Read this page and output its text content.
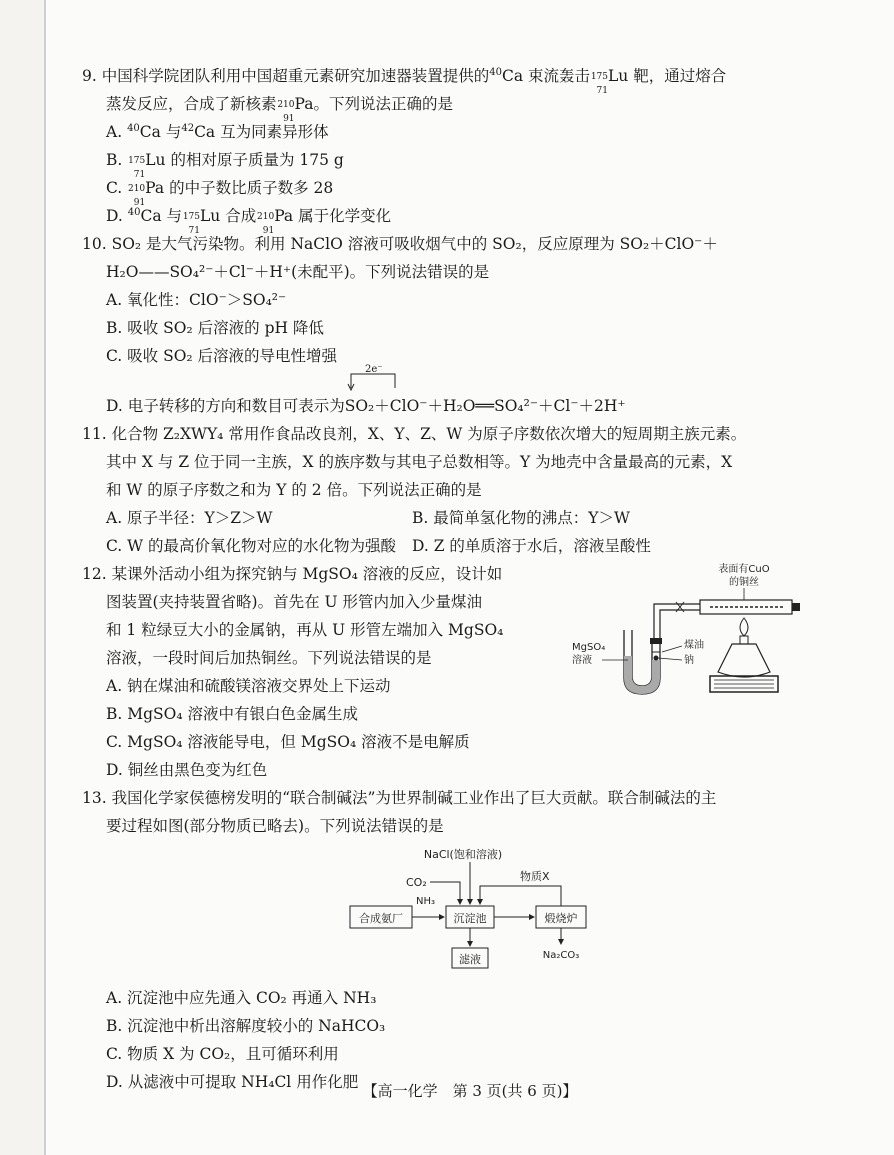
9. 中国科学院团队利用中国超重元素研究加速器装置提供的$^{40}$Ca 束流轰击 175
71
Lu 靶，通过熔合
蒸发反应，合成了新核素 210
91
Pa。下列说法正确的是
A. $^{40}$Ca 与$^{42}$Ca 互为同素异形体
B. 175
71
Lu 的相对原子质量为 175 g
C. 210
91
Pa 的中子数比质子数多 28
D. $^{40}$Ca 与 175
71
Lu 合成 210
91
Pa 属于化学变化
10. SO₂ 是大气污染物。利用 NaClO 溶液可吸收烟气中的 SO₂，反应原理为 SO₂＋ClO⁻＋
H₂O——SO₄²⁻＋Cl⁻＋H⁺(未配平)。下列说法错误的是
A. 氧化性：ClO⁻＞SO₄²⁻
B. 吸收 SO₂ 后溶液的 pH 降低
C. 吸收 SO₂ 后溶液的导电性增强
D. 电子转移的方向和数目可表示为
2e⁻
SO₂＋ClO⁻＋H₂O══SO₄²⁻＋Cl⁻＋2H⁺
11. 化合物 Z₂XWY₄ 常用作食品改良剂，X、Y、Z、W 为原子序数依次增大的短周期主族元素。
其中 X 与 Z 位于同一主族，X 的族序数与其电子总数相等。Y 为地壳中含量最高的元素，X
和 W 的原子序数之和为 Y 的 2 倍。下列说法正确的是
A. 原子半径：Y＞Z＞W	B. 最简单氢化物的沸点：Y＞W
C. W 的最高价氧化物对应的水化物为强酸	D. Z 的单质溶于水后，溶液呈酸性
12. 某课外活动小组为探究钠与 MgSO₄ 溶液的反应，设计如
图装置(夹持装置省略)。首先在 U 形管内加入少量煤油
和 1 粒绿豆大小的金属钠，再从 U 形管左端加入 MgSO₄
溶液，一段时间后加热铜丝。下列说法错误的是
A. 钠在煤油和硫酸镁溶液交界处上下运动
B. MgSO₄ 溶液中有银白色金属生成
C. MgSO₄ 溶液能导电，但 MgSO₄ 溶液不是电解质
D. 铜丝由黑色变为红色
表面有CuO
的铜丝
MgSO₄
溶液
煤油
钠
13. 我国化学家侯德榜发明的“联合制碱法”为世界制碱工业作出了巨大贡献。联合制碱法的主
要过程如图(部分物质已略去)。下列说法错误的是
NaCl(饱和溶液)
CO₂	物质X
合成氨厂
NH₃
沉淀池	煅烧炉
滤液	Na₂CO₃
A. 沉淀池中应先通入 CO₂ 再通入 NH₃
B. 沉淀池中析出溶解度较小的 NaHCO₃
C. 物质 X 为 CO₂，且可循环利用
D. 从滤液中可提取 NH₄Cl 用作化肥 【高一化学　第 3 页(共 6 页)】
